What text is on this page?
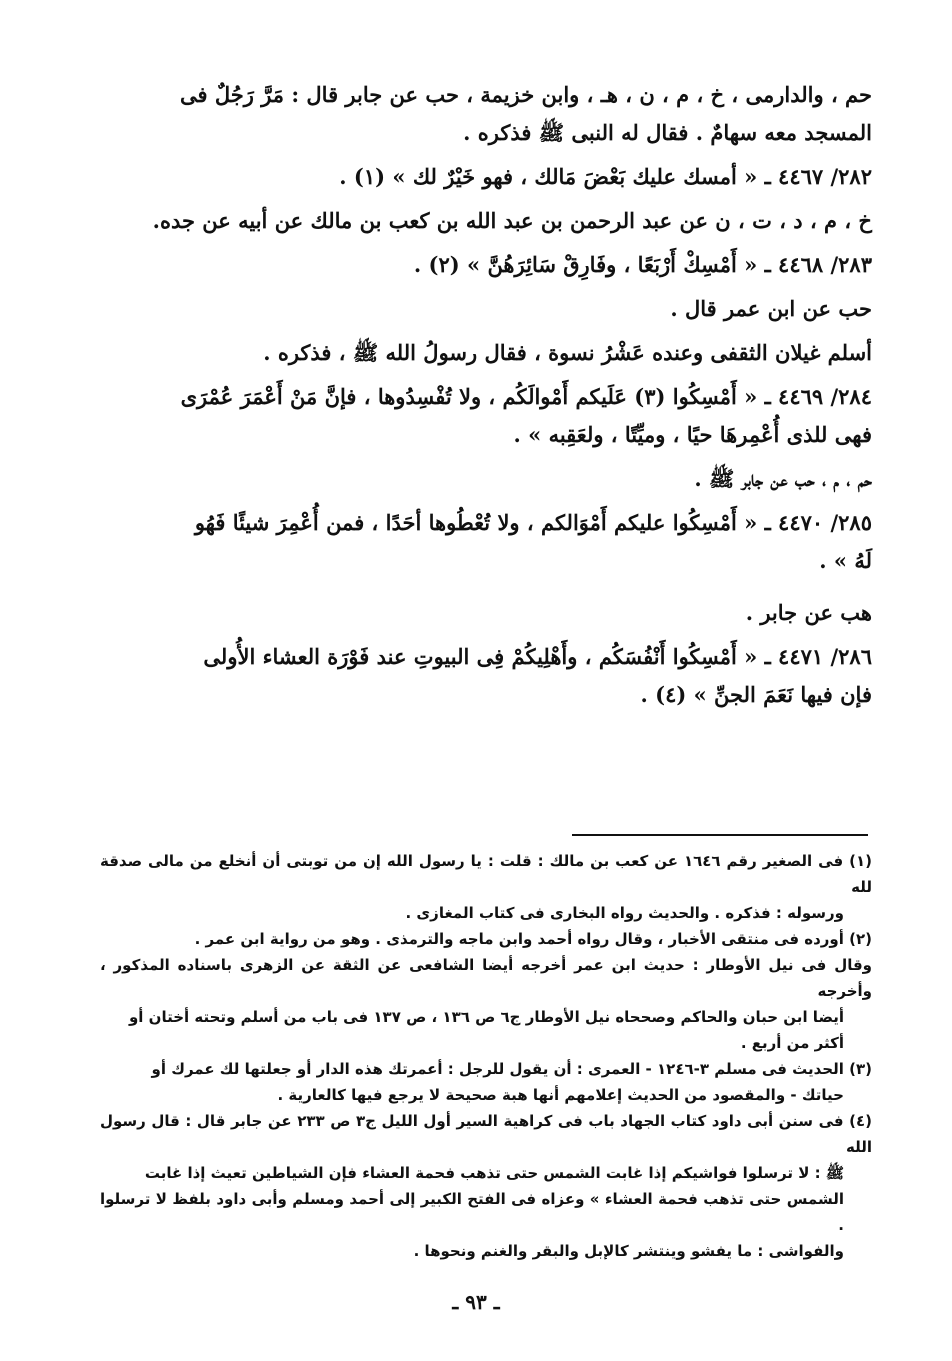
حم ، والدارمى ، خ ، م ، ن ، هـ ، وابن خزيمة ، حب عن جابر قال : مَرَّ رَجُلٌ فى

المسجد معه سهامٌ . فقال له النبى ﷺ فذكره .

٢٨٢/ ٤٤٦٧ ـ « أمسك عليك بَعْضَ مَالك ، فهو خَيْرٌ لك » (١) .

خ ، م ، د ، ت ، ن عن عبد الرحمن بن عبد الله بن كعب بن مالك عن أبيه عن جده.

٢٨٣/ ٤٤٦٨ ـ « أَمْسِكْ أَرْبَعًا ، وفَارِقْ سَائِرَهُنَّ » (٢) .

حب عن ابن عمر قال .

أسلم غيلان الثقفى وعنده عَشْرُ نسوة ، فقال رسولُ الله ﷺ ، فذكره .

٢٨٤/ ٤٤٦٩ ـ « أَمْسِكُوا (٣) عَلَيكم أَمْوالَكُم ، ولا تُفْسِدُوها ، فإنَّ مَنْ أَعْمَرَ عُمْرَى

فهى للذى أُعْمِرهَا حيًا ، وميِّتًا ، ولعَقِبه » .

حم ، م ، حب عن جابر ﷺ .

٢٨٥/ ٤٤٧٠ ـ « أَمْسِكُوا عليكم أَمْوَالكم ، ولا تُعْطُوها أحَدًا ، فمن أُعْمِرَ شيئًا فَهُو

لَهُ » .

هب عن جابر .

٢٨٦/ ٤٤٧١ ـ « أَمْسِكُوا أَنْفُسَكُم ، وأَهْلِيكُمْ فِى البيوتِ عند فَوْرَة العشاء الأُولى

فإن فيها نَعَمَ الجنِّ » (٤) .

(١) فى الصغير رقم ١٦٤٦ عن كعب بن مالك : قلت : يا رسول الله إن من توبتى أن أنخلع من مالى صدقة لله

ورسوله : فذكره . والحديث رواه البخارى فى كتاب المغازى .

(٢) أورده فى منتقى الأخبار ، وقال رواه أحمد وابن ماجه والترمذى . وهو من رواية ابن عمر .

وقال فى نيل الأوطار : حديث ابن عمر أخرجه أيضا الشافعى عن الثقة عن الزهرى باسناده المذكور ، وأخرجه

أيضا ابن حبان والحاكم وصححاه نيل الأوطار ج٦ ص ١٣٦ ، ص ١٣٧ فى باب من أسلم وتحته أختان أو

أكثر من أربع .

(٣) الحديث فى مسلم ٣-١٢٤٦ - العمرى : أن يقول للرجل : أعمرتك هذه الدار أو جعلتها لك عمرك أو

حياتك - والمقصود من الحديث إعلامهم أنها هبة صحيحة لا يرجع فيها كالعارية .

(٤) فى سنن أبى داود كتاب الجهاد باب فى كراهية السير أول الليل ج٣ ص ٢٣٣ عن جابر قال : قال رسول الله

ﷺ : لا ترسلوا فواشيكم إذا غابت الشمس حتى تذهب فحمة العشاء فإن الشياطين تعيث إذا غابت

الشمس حتى تذهب فحمة العشاء » وعزاه فى الفتح الكبير إلى أحمد ومسلم وأبى داود بلفظ لا ترسلوا .

والفواشى : ما يفشو وينتشر كالإبل والبقر والغنم ونحوها .

ـ ٩٣ ـ
